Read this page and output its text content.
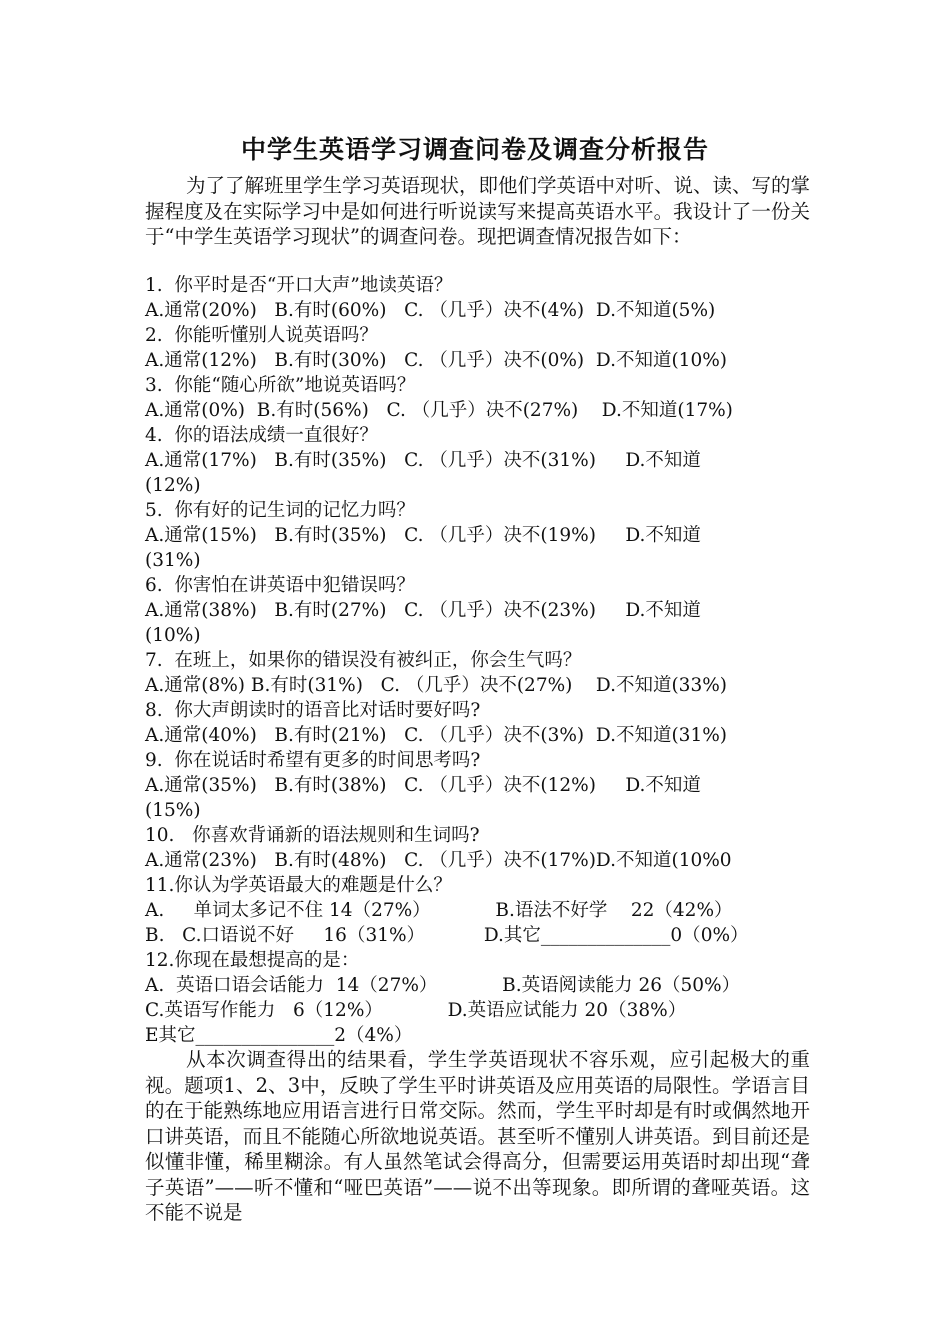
中学生英语学习调查问卷及调查分析报告
为了了解班里学生学习英语现状，即他们学英语中对听、说、读、写的掌握程度及在实际学习中是如何进行听说读写来提高英语水平。我设计了一份关于“中学生英语学习现状”的调查问卷。现把调查情况报告如下：
1.  你平时是否“开口大声”地读英语？
A.通常(20%)   B.有时(60%)   C. （几乎）决不(4%)  D.不知道(5%)
2.  你能听懂别人说英语吗？
A.通常(12%)   B.有时(30%)   C. （几乎）决不(0%)  D.不知道(10%)
3.  你能“随心所欲”地说英语吗？
A.通常(0%)  B.有时(56%)   C. （几乎）决不(27%)    D.不知道(17%)
4.  你的语法成绩一直很好？
A.通常(17%)   B.有时(35%)   C. （几乎）决不(31%)     D.不知道
(12%)
5.  你有好的记生词的记忆力吗？
A.通常(15%)   B.有时(35%)   C. （几乎）决不(19%)     D.不知道
(31%)
6.  你害怕在讲英语中犯错误吗？
A.通常(38%)   B.有时(27%)   C. （几乎）决不(23%)     D.不知道
(10%)
7.  在班上，如果你的错误没有被纠正，你会生气吗？
A.通常(8%) B.有时(31%)   C. （几乎）决不(27%)    D.不知道(33%)
8.  你大声朗读时的语音比对话时要好吗?
A.通常(40%)   B.有时(21%)   C. （几乎）决不(3%)  D.不知道(31%)
9.  你在说话时希望有更多的时间思考吗?
A.通常(35%)   B.有时(38%)   C. （几乎）决不(12%)     D.不知道
(15%)
10.   你喜欢背诵新的语法规则和生词吗?
A.通常(23%)   B.有时(48%)   C. （几乎）决不(17%)D.不知道(10%0
11.你认为学英语最大的难题是什么？
A.     单词太多记不住 14（27%）           B.语法不好学    22（42%）
B.   C.口语说不好     16（31%）          D.其它______________0（0%）
12.你现在最想提高的是：
A.  英语口语会话能力  14（27%）           B.英语阅读能力 26（50%）
C.英语写作能力   6（12%）           D.英语应试能力 20（38%）
E其它_______________2（4%）
从本次调查得出的结果看，学生学英语现状不容乐观，应引起极大的重视。题项1、2、3中，反映了学生平时讲英语及应用英语的局限性。学语言目的在于能熟练地应用语言进行日常交际。然而，学生平时却是有时或偶然地开口讲英语，而且不能随心所欲地说英语。甚至听不懂别人讲英语。到目前还是似懂非懂，稀里糊涂。有人虽然笔试会得高分，但需要运用英语时却出现“聋子英语”——听不懂和“哑巴英语”——说不出等现象。即所谓的聋哑英语。这不能不说是
